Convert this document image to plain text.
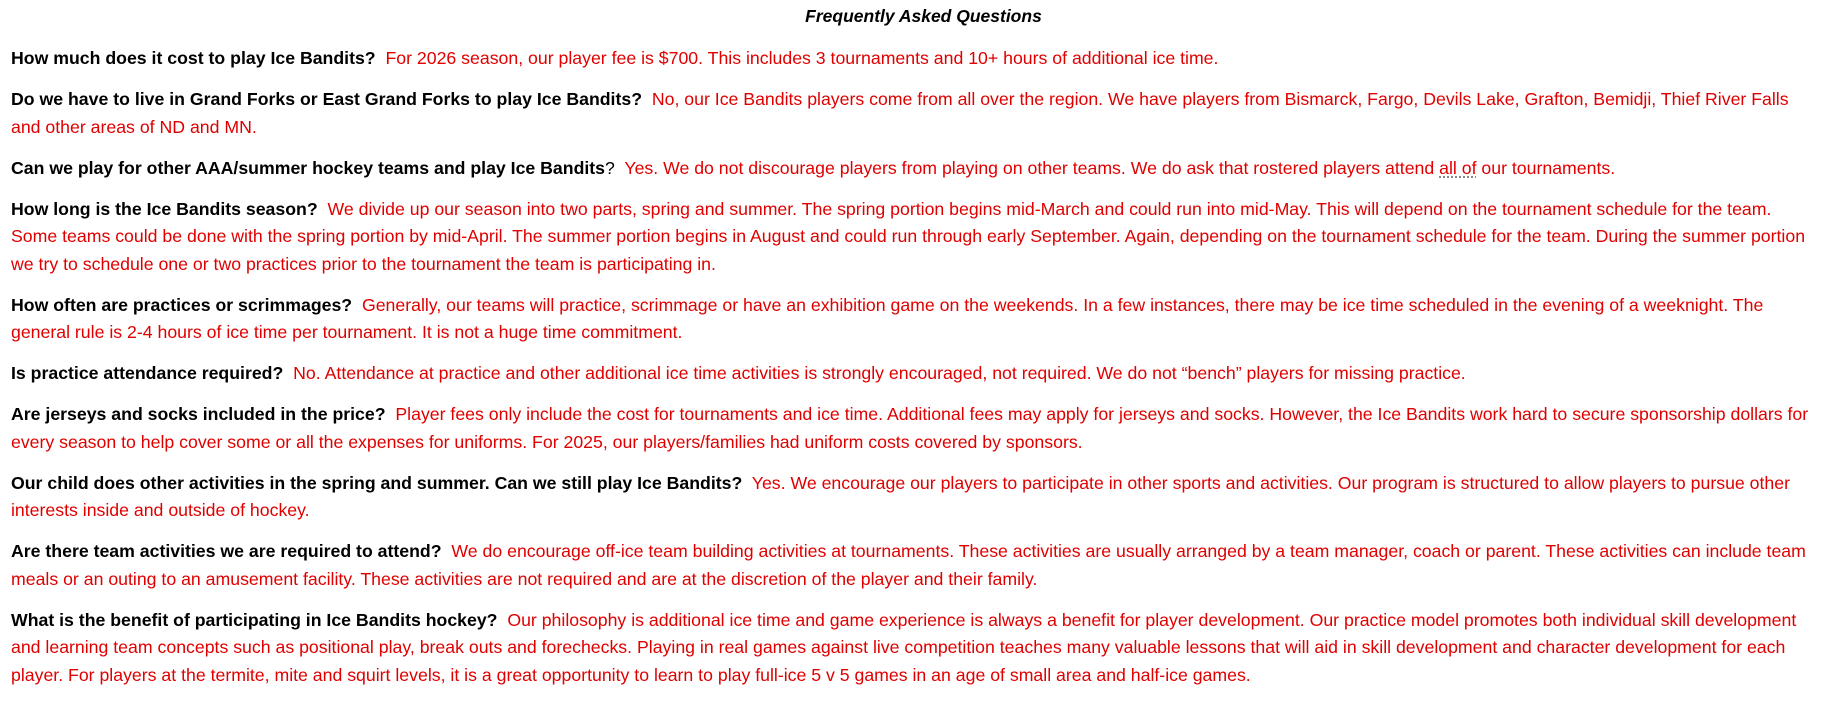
Frequently Asked Questions

How much does it cost to play Ice Bandits? For 2026 season, our player fee is $700. This includes 3 tournaments and 10+ hours of additional ice time.

Do we have to live in Grand Forks or East Grand Forks to play Ice Bandits? No, our Ice Bandits players come from all over the region. We have players from Bismarck, Fargo, Devils Lake, Grafton, Bemidji, Thief River Falls and other areas of ND and MN.

Can we play for other AAA/summer hockey teams and play Ice Bandits? Yes. We do not discourage players from playing on other teams. We do ask that rostered players attend all of our tournaments.

How long is the Ice Bandits season? We divide up our season into two parts, spring and summer. The spring portion begins mid-March and could run into mid-May. This will depend on the tournament schedule for the team. Some teams could be done with the spring portion by mid-April. The summer portion begins in August and could run through early September. Again, depending on the tournament schedule for the team. During the summer portion we try to schedule one or two practices prior to the tournament the team is participating in.

How often are practices or scrimmages? Generally, our teams will practice, scrimmage or have an exhibition game on the weekends. In a few instances, there may be ice time scheduled in the evening of a weeknight. The general rule is 2-4 hours of ice time per tournament. It is not a huge time commitment.

Is practice attendance required? No. Attendance at practice and other additional ice time activities is strongly encouraged, not required. We do not “bench” players for missing practice.

Are jerseys and socks included in the price? Player fees only include the cost for tournaments and ice time. Additional fees may apply for jerseys and socks. However, the Ice Bandits work hard to secure sponsorship dollars for every season to help cover some or all the expenses for uniforms. For 2025, our players/families had uniform costs covered by sponsors.

Our child does other activities in the spring and summer. Can we still play Ice Bandits? Yes. We encourage our players to participate in other sports and activities. Our program is structured to allow players to pursue other interests inside and outside of hockey.

Are there team activities we are required to attend? We do encourage off-ice team building activities at tournaments. These activities are usually arranged by a team manager, coach or parent. These activities can include team meals or an outing to an amusement facility. These activities are not required and are at the discretion of the player and their family.

What is the benefit of participating in Ice Bandits hockey? Our philosophy is additional ice time and game experience is always a benefit for player development. Our practice model promotes both individual skill development and learning team concepts such as positional play, break outs and forechecks. Playing in real games against live competition teaches many valuable lessons that will aid in skill development and character development for each player. For players at the termite, mite and squirt levels, it is a great opportunity to learn to play full-ice 5 v 5 games in an age of small area and half-ice games.
